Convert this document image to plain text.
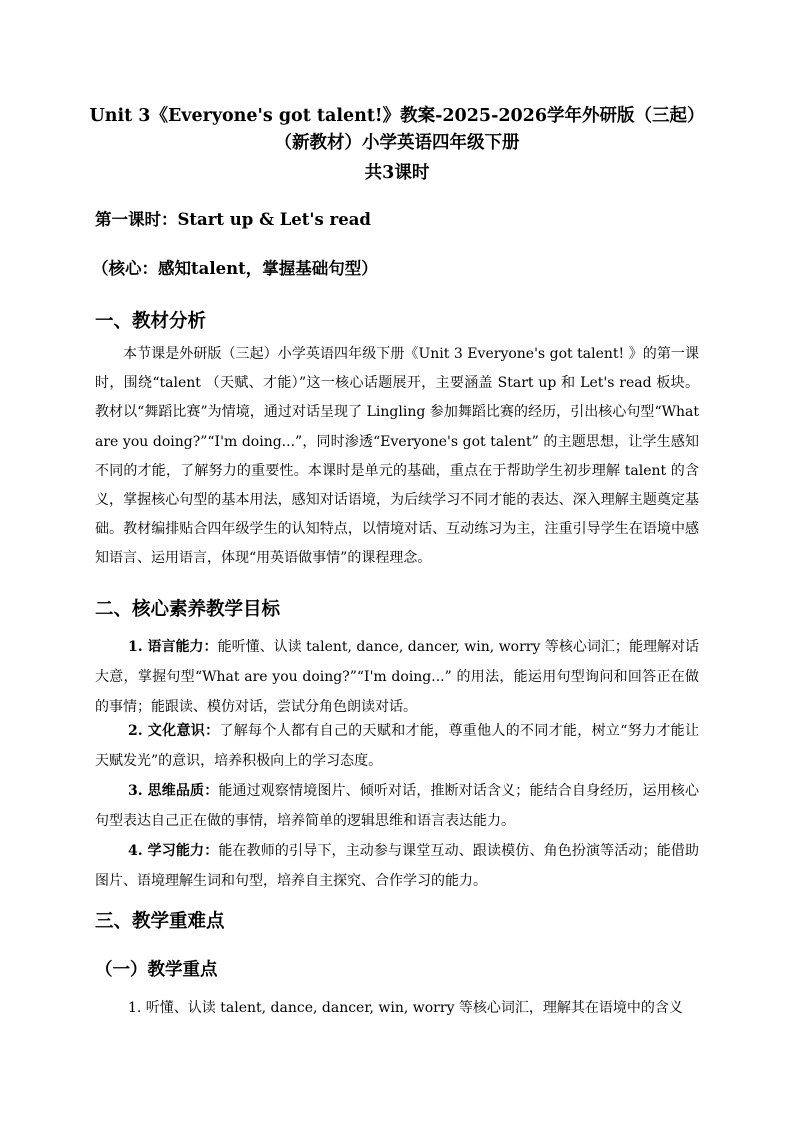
Unit 3《Everyone's got talent!》教案-2025-2026学年外研版（三起）
（新教材）小学英语四年级下册
共3课时
第一课时：Start up & Let's read
（核心：感知talent，掌握基础句型）
一、教材分析
本节课是外研版（三起）小学英语四年级下册《Unit 3 Everyone's got talent! 》的第一课时，围绕“talent （天赋、才能）”这一核心话题展开，主要涵盖 Start up 和 Let's read 板块。教材以“舞蹈比赛”为情境，通过对话呈现了 Lingling 参加舞蹈比赛的经历，引出核心句型“What are you doing?”“I'm doing...”，同时渗透“Everyone's got talent” 的主题思想，让学生感知不同的才能，了解努力的重要性。本课时是单元的基础，重点在于帮助学生初步理解 talent 的含义，掌握核心句型的基本用法，感知对话语境，为后续学习不同才能的表达、深入理解主题奠定基础。教材编排贴合四年级学生的认知特点，以情境对话、互动练习为主，注重引导学生在语境中感知语言、运用语言，体现“用英语做事情”的课程理念。
二、核心素养教学目标
1. 语言能力：能听懂、认读 talent, dance, dancer, win, worry 等核心词汇；能理解对话大意，掌握句型“What are you doing?”“I'm doing...” 的用法，能运用句型询问和回答正在做的事情；能跟读、模仿对话，尝试分角色朗读对话。
2. 文化意识：了解每个人都有自己的天赋和才能，尊重他人的不同才能，树立“努力才能让天赋发光”的意识，培养积极向上的学习态度。
3. 思维品质：能通过观察情境图片、倾听对话，推断对话含义；能结合自身经历，运用核心句型表达自己正在做的事情，培养简单的逻辑思维和语言表达能力。
4. 学习能力：能在教师的引导下，主动参与课堂互动、跟读模仿、角色扮演等活动；能借助图片、语境理解生词和句型，培养自主探究、合作学习的能力。
三、教学重难点
（一）教学重点
1. 听懂、认读 talent, dance, dancer, win, worry 等核心词汇，理解其在语境中的含义
